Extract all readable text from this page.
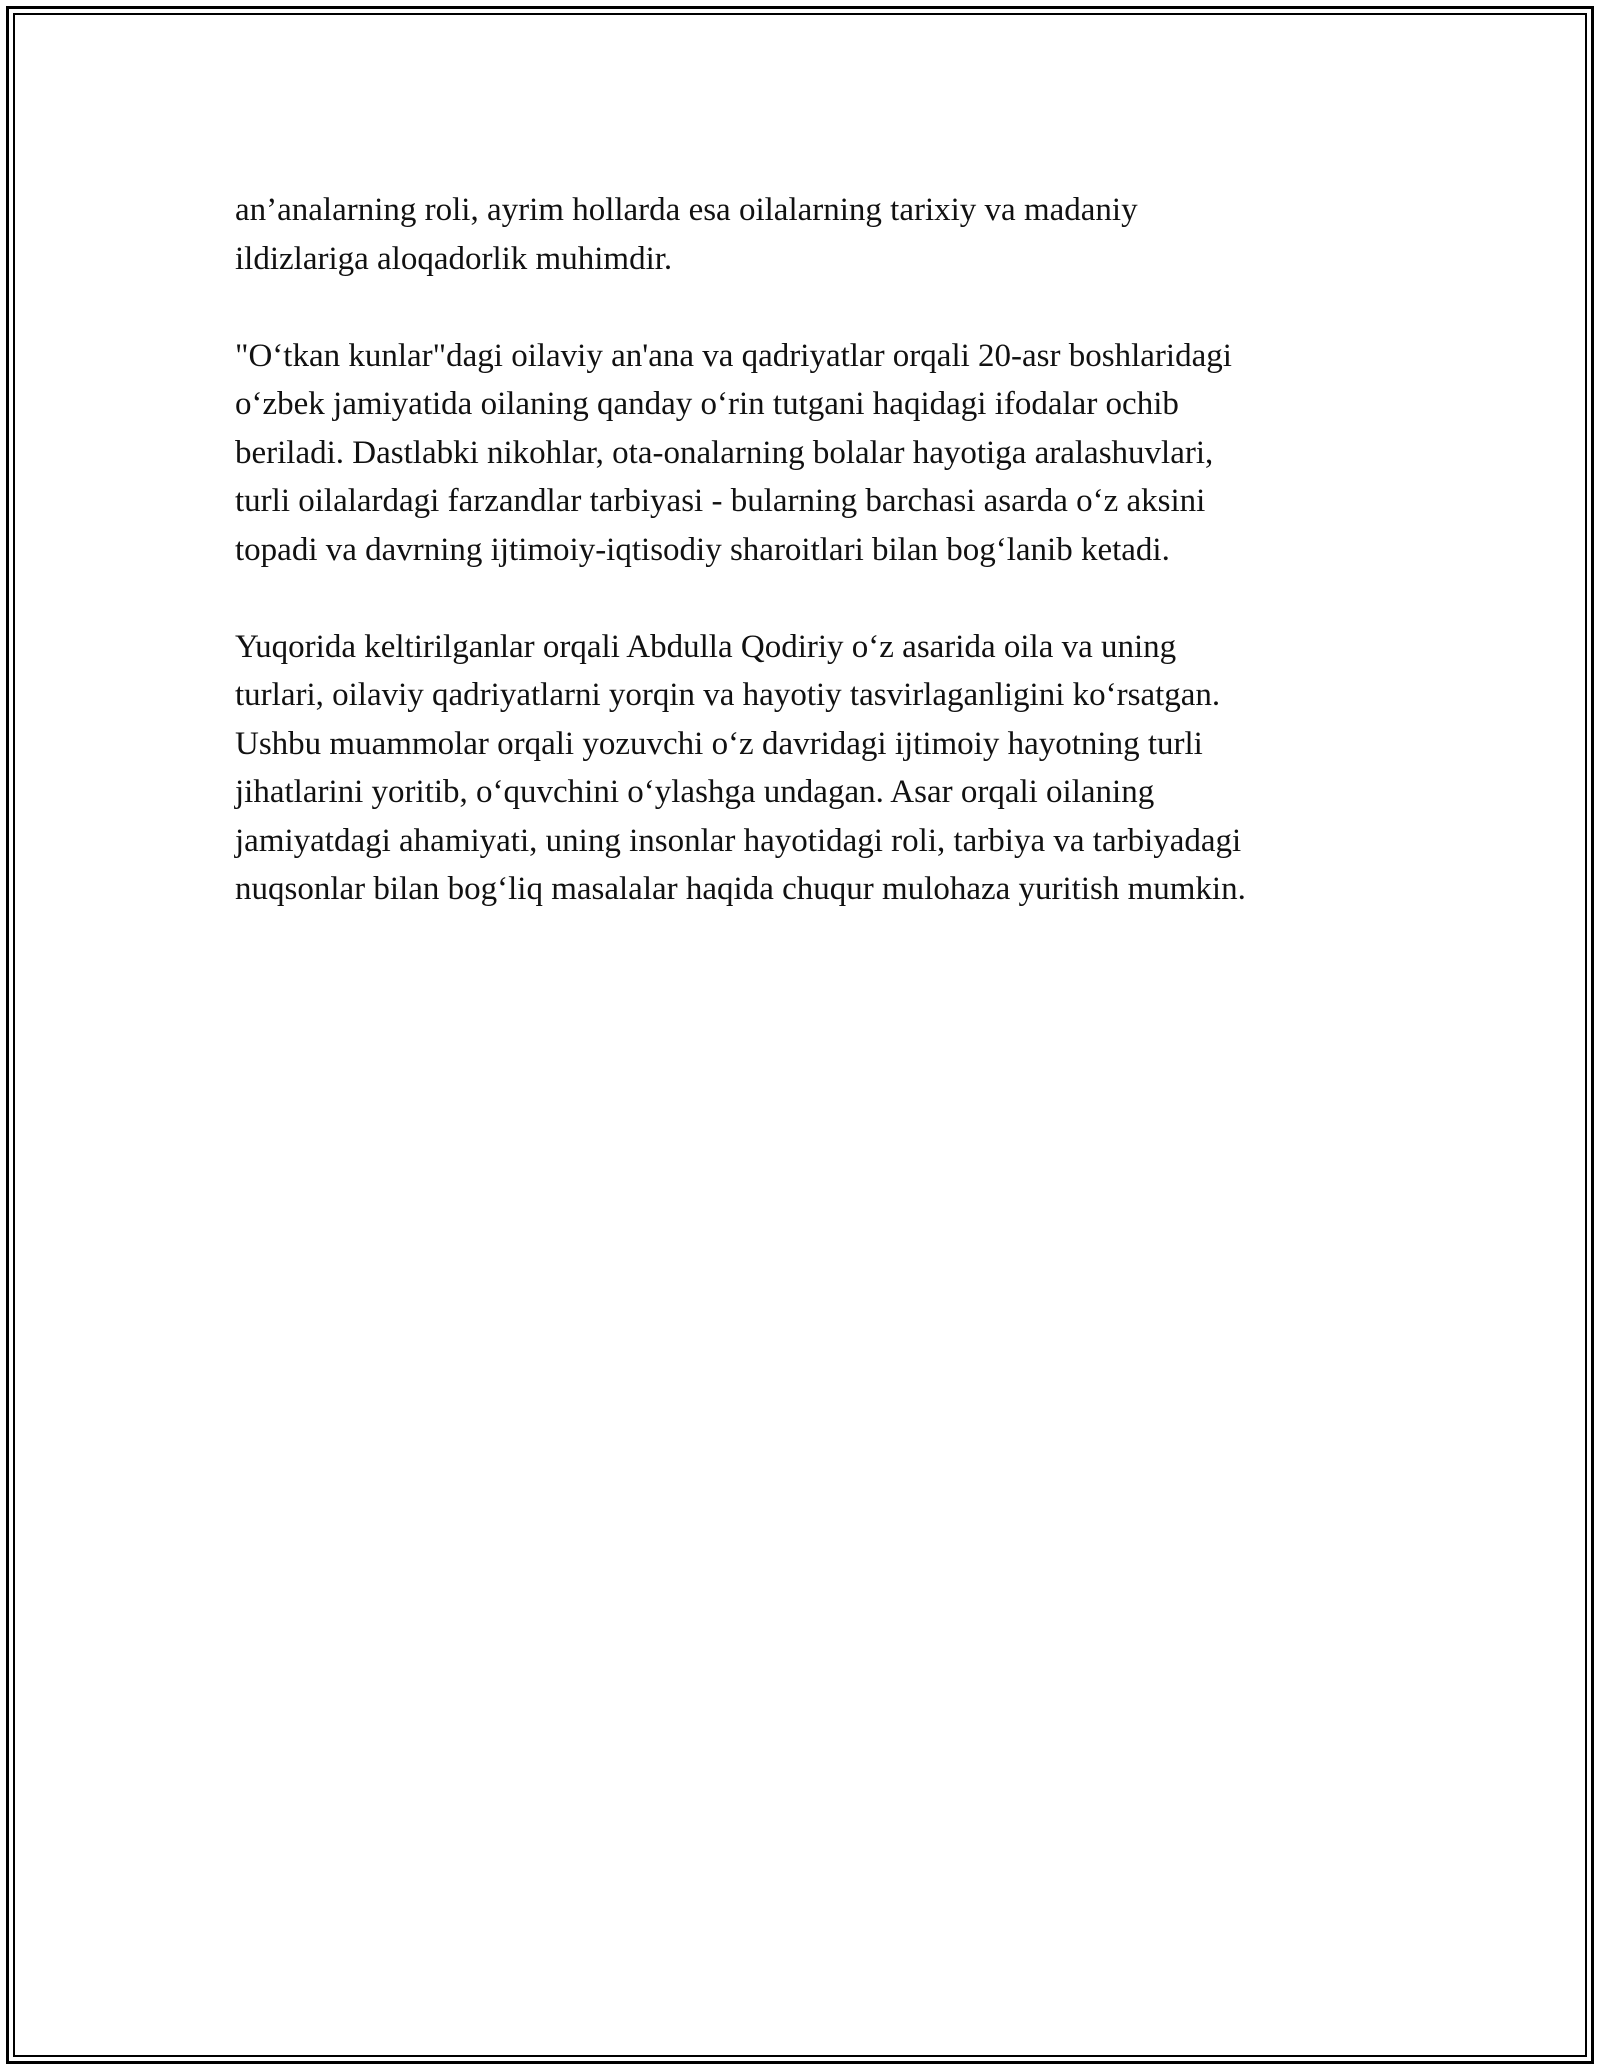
an’analarning roli, ayrim hollarda esa oilalarning tarixiy va madaniy
ildizlariga aloqadorlik muhimdir.

"O‘tkan kunlar"dagi oilaviy an'ana va qadriyatlar orqali 20-asr boshlaridagi
o‘zbek jamiyatida oilaning qanday o‘rin tutgani haqidagi ifodalar ochib
beriladi. Dastlabki nikohlar, ota-onalarning bolalar hayotiga aralashuvlari,
turli oilalardagi farzandlar tarbiyasi - bularning barchasi asarda o‘z aksini
topadi va davrning ijtimoiy-iqtisodiy sharoitlari bilan bog‘lanib ketadi.

Yuqorida keltirilganlar orqali Abdulla Qodiriy o‘z asarida oila va uning
turlari, oilaviy qadriyatlarni yorqin va hayotiy tasvirlaganligini ko‘rsatgan.
Ushbu muammolar orqali yozuvchi o‘z davridagi ijtimoiy hayotning turli
jihatlarini yoritib, o‘quvchini o‘ylashga undagan. Asar orqali oilaning
jamiyatdagi ahamiyati, uning insonlar hayotidagi roli, tarbiya va tarbiyadagi
nuqsonlar bilan bog‘liq masalalar haqida chuqur mulohaza yuritish mumkin.
